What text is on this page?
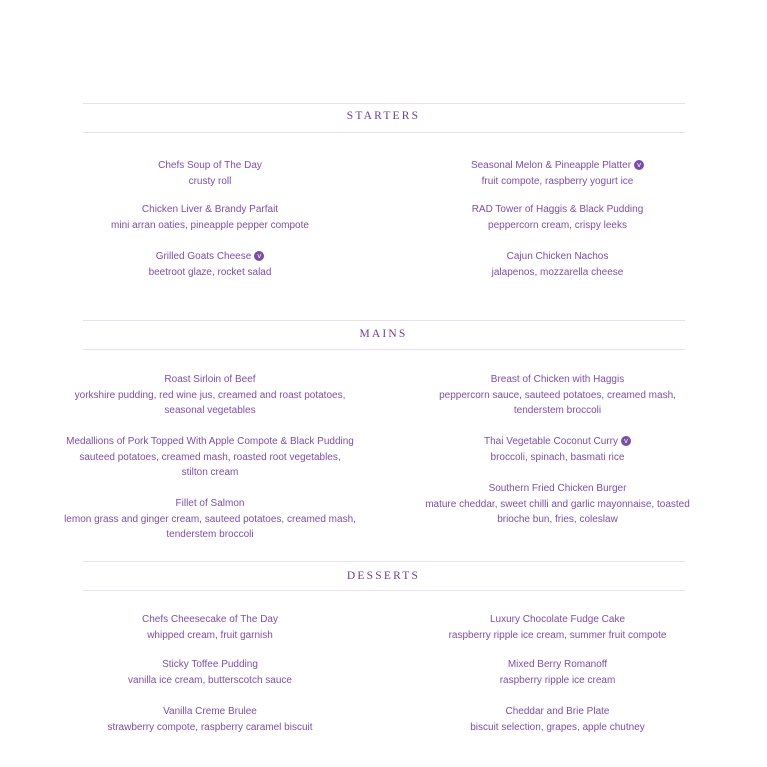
STARTERS
Chefs Soup of The Day
crusty roll
Chicken Liver & Brandy Parfait
mini arran oaties, pineapple pepper compote
Grilled Goats Cheese v
beetroot glaze, rocket salad
Seasonal Melon & Pineapple Platter v
fruit compote, raspberry yogurt ice
RAD Tower of Haggis & Black Pudding
peppercorn cream, crispy leeks
Cajun Chicken Nachos
jalapenos, mozzarella cheese
MAINS
Roast Sirloin of Beef
yorkshire pudding, red wine jus, creamed and roast potatoes,
seasonal vegetables
Medallions of Pork Topped With Apple Compote & Black Pudding
sauteed potatoes, creamed mash, roasted root vegetables,
stilton cream
Fillet of Salmon
lemon grass and ginger cream, sauteed potatoes, creamed mash,
tenderstem broccoli
Breast of Chicken with Haggis
peppercorn sauce, sauteed potatoes, creamed mash,
tenderstem broccoli
Thai Vegetable Coconut Curry v
broccoli, spinach, basmati rice
Southern Fried Chicken Burger
mature cheddar, sweet chilli and garlic mayonnaise, toasted
brioche bun, fries, coleslaw
DESSERTS
Chefs Cheesecake of The Day
whipped cream, fruit garnish
Sticky Toffee Pudding
vanilla ice cream, butterscotch sauce
Vanilla Creme Brulee
strawberry compote, raspberry caramel biscuit
Luxury Chocolate Fudge Cake
raspberry ripple ice cream, summer fruit compote
Mixed Berry Romanoff
raspberry ripple ice cream
Cheddar and Brie Plate
biscuit selection, grapes, apple chutney
